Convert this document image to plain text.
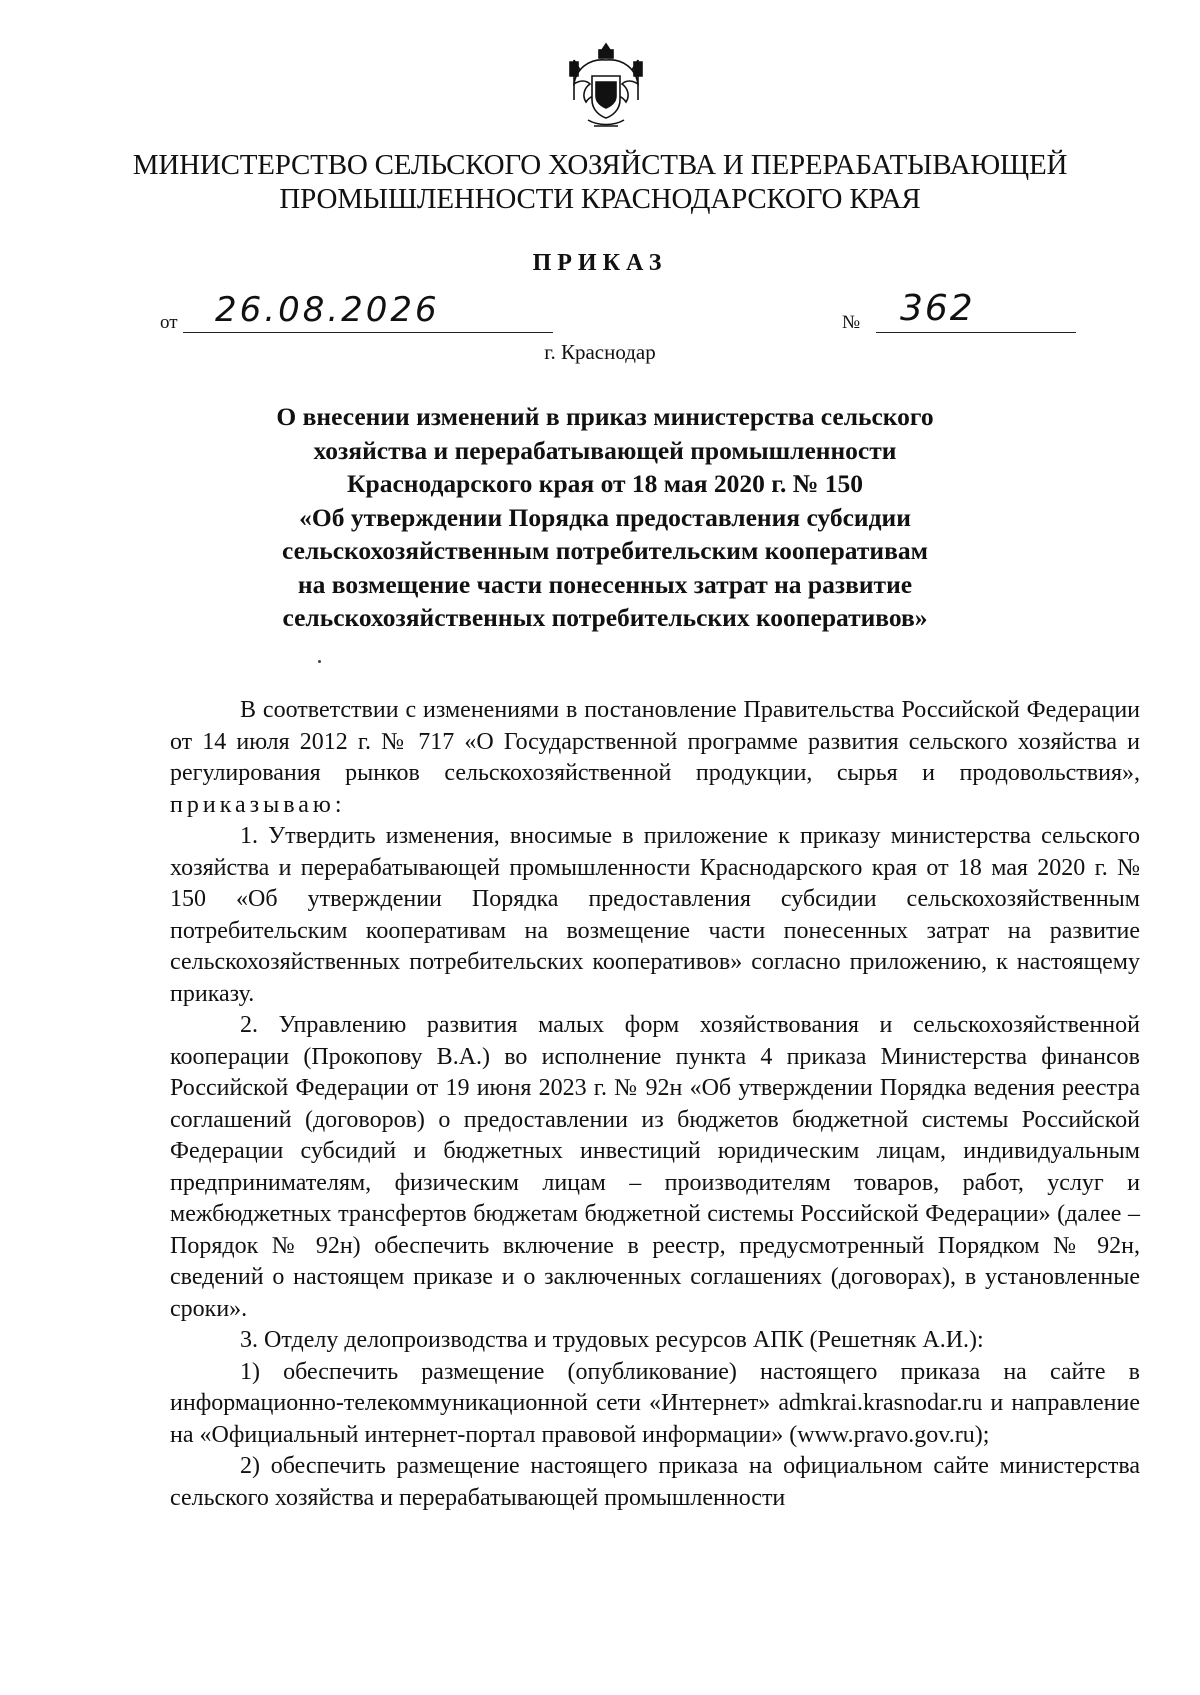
МИНИСТЕРСТВО СЕЛЬСКОГО ХОЗЯЙСТВА И ПЕРЕРАБАТЫВАЮЩЕЙ
ПРОМЫШЛЕННОСТИ КРАСНОДАРСКОГО КРАЯ
ПРИКАЗ
от 26.08.2026	№ 362
г. Краснодар
О внесении изменений в приказ министерства сельского
хозяйства и перерабатывающей промышленности
Краснодарского края от 18 мая 2020 г. № 150
«Об утверждении Порядка предоставления субсидии
сельскохозяйственным потребительским кооперативам
на возмещение части понесенных затрат на развитие
сельскохозяйственных потребительских кооперативов»

В соответствии с изменениями в постановление Правительства Российской Федерации от 14 июля 2012 г. № 717 «О Государственной программе развития сельского хозяйства и регулирования рынков сельскохозяйственной продукции, сырья и продовольствия», приказываю:

1. Утвердить изменения, вносимые в приложение к приказу министерства сельского хозяйства и перерабатывающей промышленности Краснодарского края от 18 мая 2020 г. № 150 «Об утверждении Порядка предоставления субсидии сельскохозяйственным потребительским кооперативам на возмещение части понесенных затрат на развитие сельскохозяйственных потребительских кооперативов» согласно приложению, к настоящему приказу.

2. Управлению развития малых форм хозяйствования и сельскохозяйственной кооперации (Прокопову В.А.) во исполнение пункта 4 приказа Министерства финансов Российской Федерации от 19 июня 2023 г. № 92н «Об утверждении Порядка ведения реестра соглашений (договоров) о предоставлении из бюджетов бюджетной системы Российской Федерации субсидий и бюджетных инвестиций юридическим лицам, индивидуальным предпринимателям, физическим лицам – производителям товаров, работ, услуг и межбюджетных трансфертов бюджетам бюджетной системы Российской Федерации» (далее – Порядок № 92н) обеспечить включение в реестр, предусмотренный Порядком № 92н, сведений о настоящем приказе и о заключенных соглашениях (договорах), в установленные сроки».

3. Отделу делопроизводства и трудовых ресурсов АПК (Решетняк А.И.):

1) обеспечить размещение (опубликование) настоящего приказа на сайте в информационно-телекоммуникационной сети «Интернет» admkrai.krasnodar.ru и направление на «Официальный интернет-портал правовой информации» (www.pravo.gov.ru);

2) обеспечить размещение настоящего приказа на официальном сайте министерства сельского хозяйства и перерабатывающей промышленности
